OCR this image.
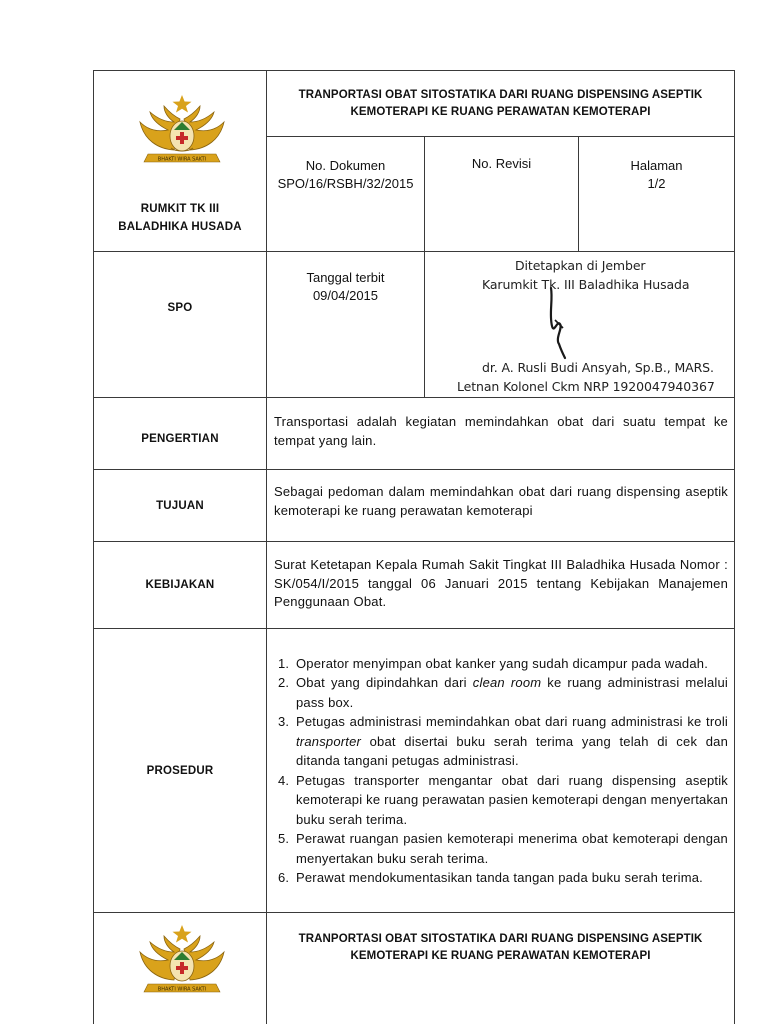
BHAKTI WIRA SAKTI
RUMKIT TK III
BALADHIKA HUSADA
TRANPORTASI OBAT SITOSTATIKA DARI RUANG DISPENSING ASEPTIK
KEMOTERAPI KE RUANG PERAWATAN KEMOTERAPI
No. Dokumen
SPO/16/RSBH/32/2015
No. Revisi	Halaman
1/2
SPO
Tanggal terbit
09/04/2015
Ditetapkan di Jember
Karumkit Tk. III Baladhika Husada
dr. A. Rusli Budi Ansyah, Sp.B., MARS.
Letnan Kolonel Ckm NRP 1920047940367
PENGERTIAN

Transportasi adalah kegiatan memindahkan obat dari suatu tempat ke tempat yang lain.

TUJUAN

Sebagai pedoman dalam memindahkan obat dari ruang dispensing aseptik kemoterapi ke ruang perawatan kemoterapi

KEBIJAKAN

Surat Ketetapan Kepala Rumah Sakit Tingkat III Baladhika Husada Nomor : SK/054/I/2015 tanggal 06 Januari 2015 tentang Kebijakan Manajemen Penggunaan Obat.

PROSEDUR
1. Operator menyimpan obat kanker yang sudah dicampur pada wadah.
2. Obat yang dipindahkan dari clean room ke ruang administrasi melalui pass box.
3. Petugas administrasi memindahkan obat dari ruang administrasi ke troli transporter obat disertai buku serah terima yang telah di cek dan ditanda tangani petugas administrasi.
4. Petugas transporter mengantar obat dari ruang dispensing aseptik kemoterapi ke ruang perawatan pasien kemoterapi dengan menyertakan buku serah terima.
5. Perawat ruangan pasien kemoterapi menerima obat kemoterapi dengan menyertakan buku serah terima.
6. Perawat mendokumentasikan tanda tangan pada buku serah terima.
BHAKTI WIRA SAKTI
TRANPORTASI OBAT SITOSTATIKA DARI RUANG DISPENSING ASEPTIK
KEMOTERAPI KE RUANG PERAWATAN KEMOTERAPI
